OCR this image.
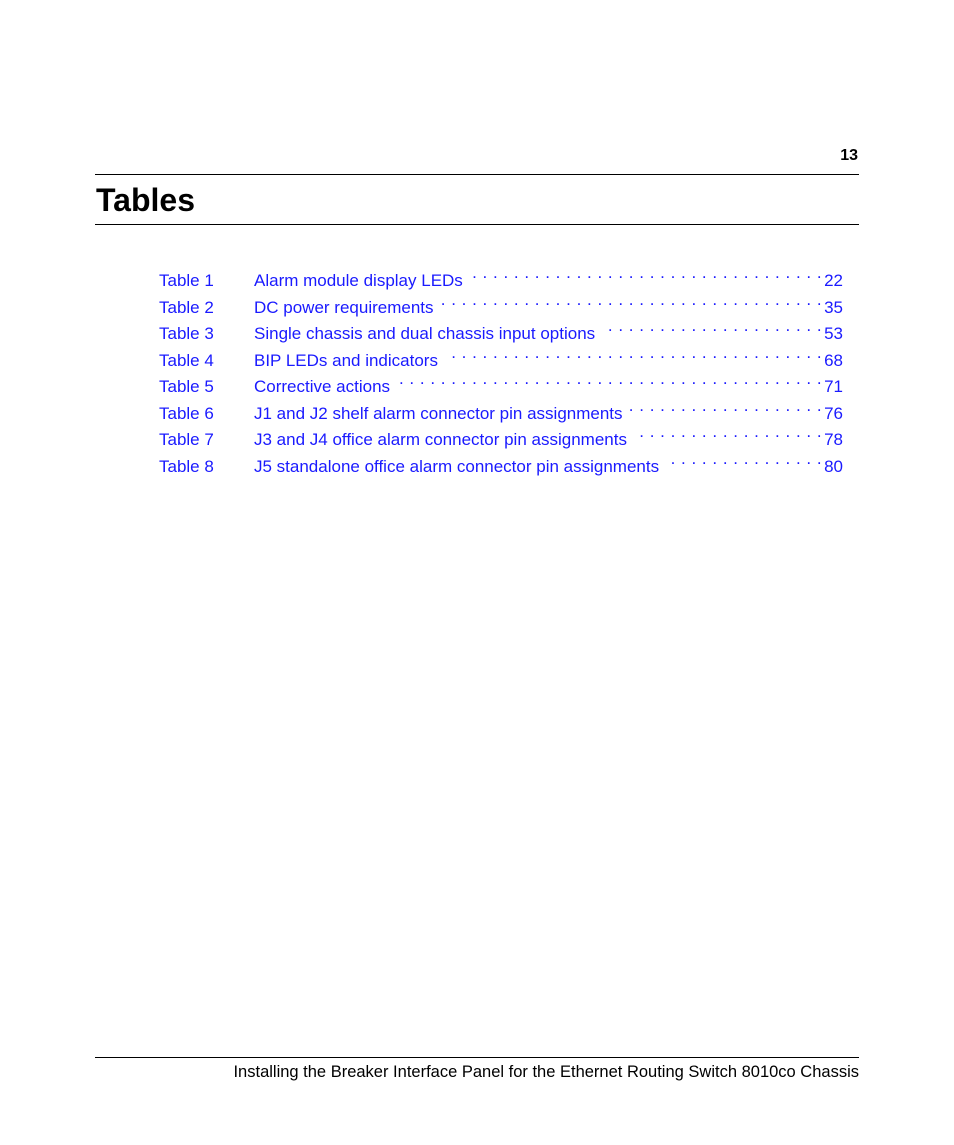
13
Tables
Table 1	Alarm module display LEDs . . .	22
Table 2	DC power requirements . . .	35
Table 3	Single chassis and dual chassis input options . . .	53
Table 4	BIP LEDs and indicators . . .	68
Table 5	Corrective actions . . .	71
Table 6	J1 and J2 shelf alarm connector pin assignments . . .	76
Table 7	J3 and J4 office alarm connector pin assignments . . .	78
Table 8	J5 standalone office alarm connector pin assignments . . .	80
Installing the Breaker Interface Panel for the Ethernet Routing Switch 8010co Chassis
